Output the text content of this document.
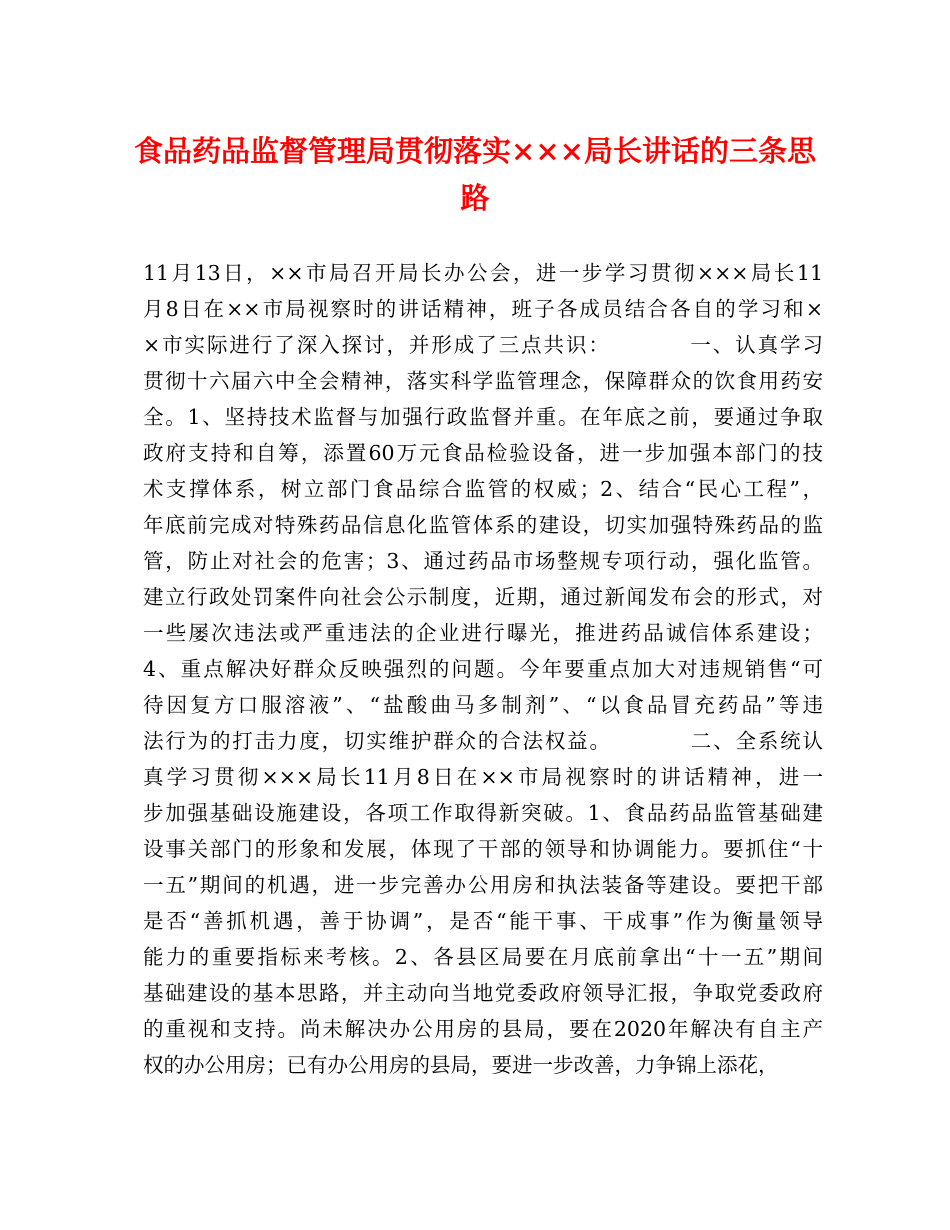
食品药品监督管理局贯彻落实×××局长讲话的三条思
路
11月13日，××市局召开局长办公会，进一步学习贯彻×××局长11
月8日在××市局视察时的讲话精神，班子各成员结合各自的学习和×
×市实际进行了深入探讨，并形成了三点共识：　　　　一、认真学习
贯彻十六届六中全会精神，落实科学监管理念，保障群众的饮食用药安
全。1、坚持技术监督与加强行政监督并重。在年底之前，要通过争取
政府支持和自筹，添置60万元食品检验设备，进一步加强本部门的技
术支撑体系，树立部门食品综合监管的权威；2、结合“民心工程”，
年底前完成对特殊药品信息化监管体系的建设，切实加强特殊药品的监
管，防止对社会的危害；3、通过药品市场整规专项行动，强化监管。
建立行政处罚案件向社会公示制度，近期，通过新闻发布会的形式，对
一些屡次违法或严重违法的企业进行曝光，推进药品诚信体系建设；
4、重点解决好群众反映强烈的问题。今年要重点加大对违规销售“可
待因复方口服溶液”、“盐酸曲马多制剂”、“以食品冒充药品”等违
法行为的打击力度，切实维护群众的合法权益。　　　　二、全系统认
真学习贯彻×××局长11月8日在××市局视察时的讲话精神，进一
步加强基础设施建设，各项工作取得新突破。1、食品药品监管基础建
设事关部门的形象和发展，体现了干部的领导和协调能力。要抓住“十
一五”期间的机遇，进一步完善办公用房和执法装备等建设。要把干部
是否“善抓机遇，善于协调”，是否“能干事、干成事”作为衡量领导
能力的重要指标来考核。2、各县区局要在月底前拿出“十一五”期间
基础建设的基本思路，并主动向当地党委政府领导汇报，争取党委政府
的重视和支持。尚未解决办公用房的县局，要在2020年解决有自主产
权的办公用房；已有办公用房的县局，要进一步改善，力争锦上添花，
